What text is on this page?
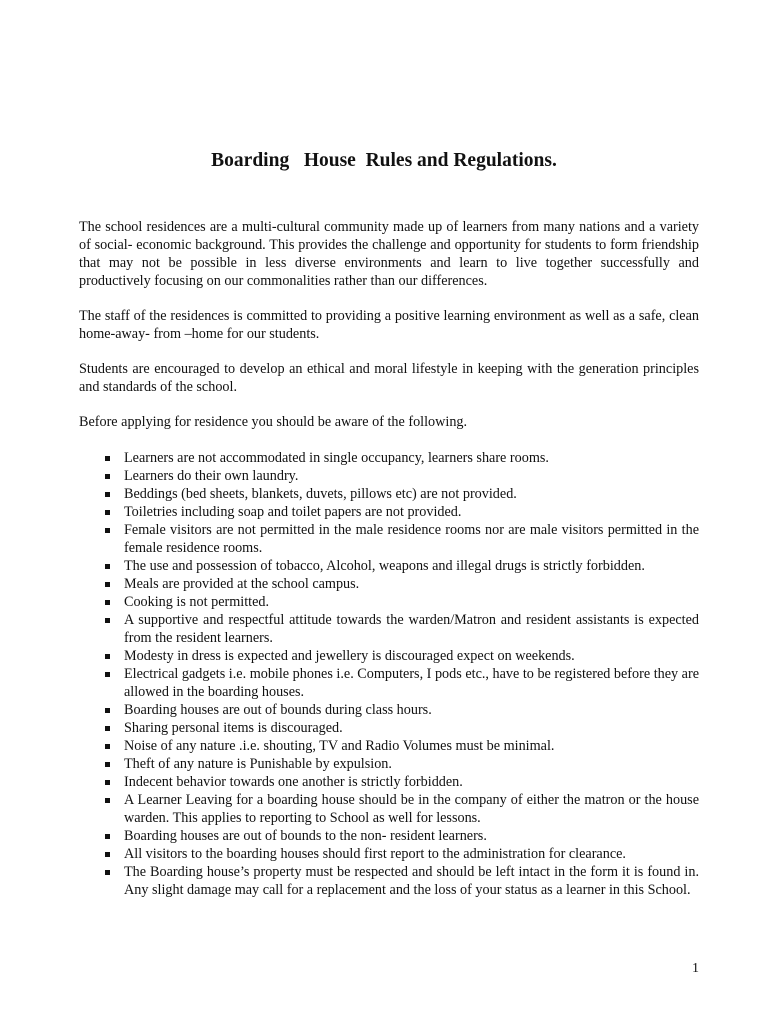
Boarding   House  Rules and Regulations.

The school residences are a multi-cultural community made up of learners from many nations and a variety of social- economic background. This provides the challenge and opportunity for students to form friendship that may not be possible in less diverse environments and learn to live together successfully and productively focusing on our commonalities rather than our differences.

The staff of the residences is committed to providing a positive learning environment as well as a safe, clean home-away- from –home for our students.

Students are encouraged to develop an ethical and moral lifestyle in keeping with the generation principles and standards of the school.

Before applying for residence you should be aware of the following.

Learners are not accommodated in single occupancy, learners share rooms.
Learners do their own laundry.
Beddings (bed sheets, blankets, duvets, pillows etc) are not provided.
Toiletries including soap and toilet papers are not provided.
Female visitors are not permitted in the male residence rooms nor are male visitors permitted in the female residence rooms.
The use and possession of tobacco, Alcohol, weapons and illegal drugs is strictly forbidden.
Meals are provided at the school campus.
Cooking is not permitted.
A supportive and respectful attitude towards the warden/Matron and resident assistants is expected from the resident learners.
Modesty in dress is expected and jewellery is discouraged expect on weekends.
Electrical gadgets i.e. mobile phones i.e. Computers, I pods etc., have to be registered before they are allowed in the boarding houses.
Boarding houses are out of bounds during class hours.
Sharing personal items is discouraged.
Noise of any nature .i.e. shouting, TV and Radio Volumes must be minimal.
Theft of any nature is Punishable by expulsion.
Indecent behavior towards one another is strictly forbidden.
A Learner Leaving for a boarding house should be in the company of either the matron or the house warden. This applies to reporting to School as well for lessons.
Boarding houses are out of bounds to the non- resident learners.
All visitors to the boarding houses should first report to the administration for clearance.
The Boarding house’s property must be respected and should be left intact in the form it is found in. Any slight damage may call for a replacement and the loss of your status as a learner in this School.
1
